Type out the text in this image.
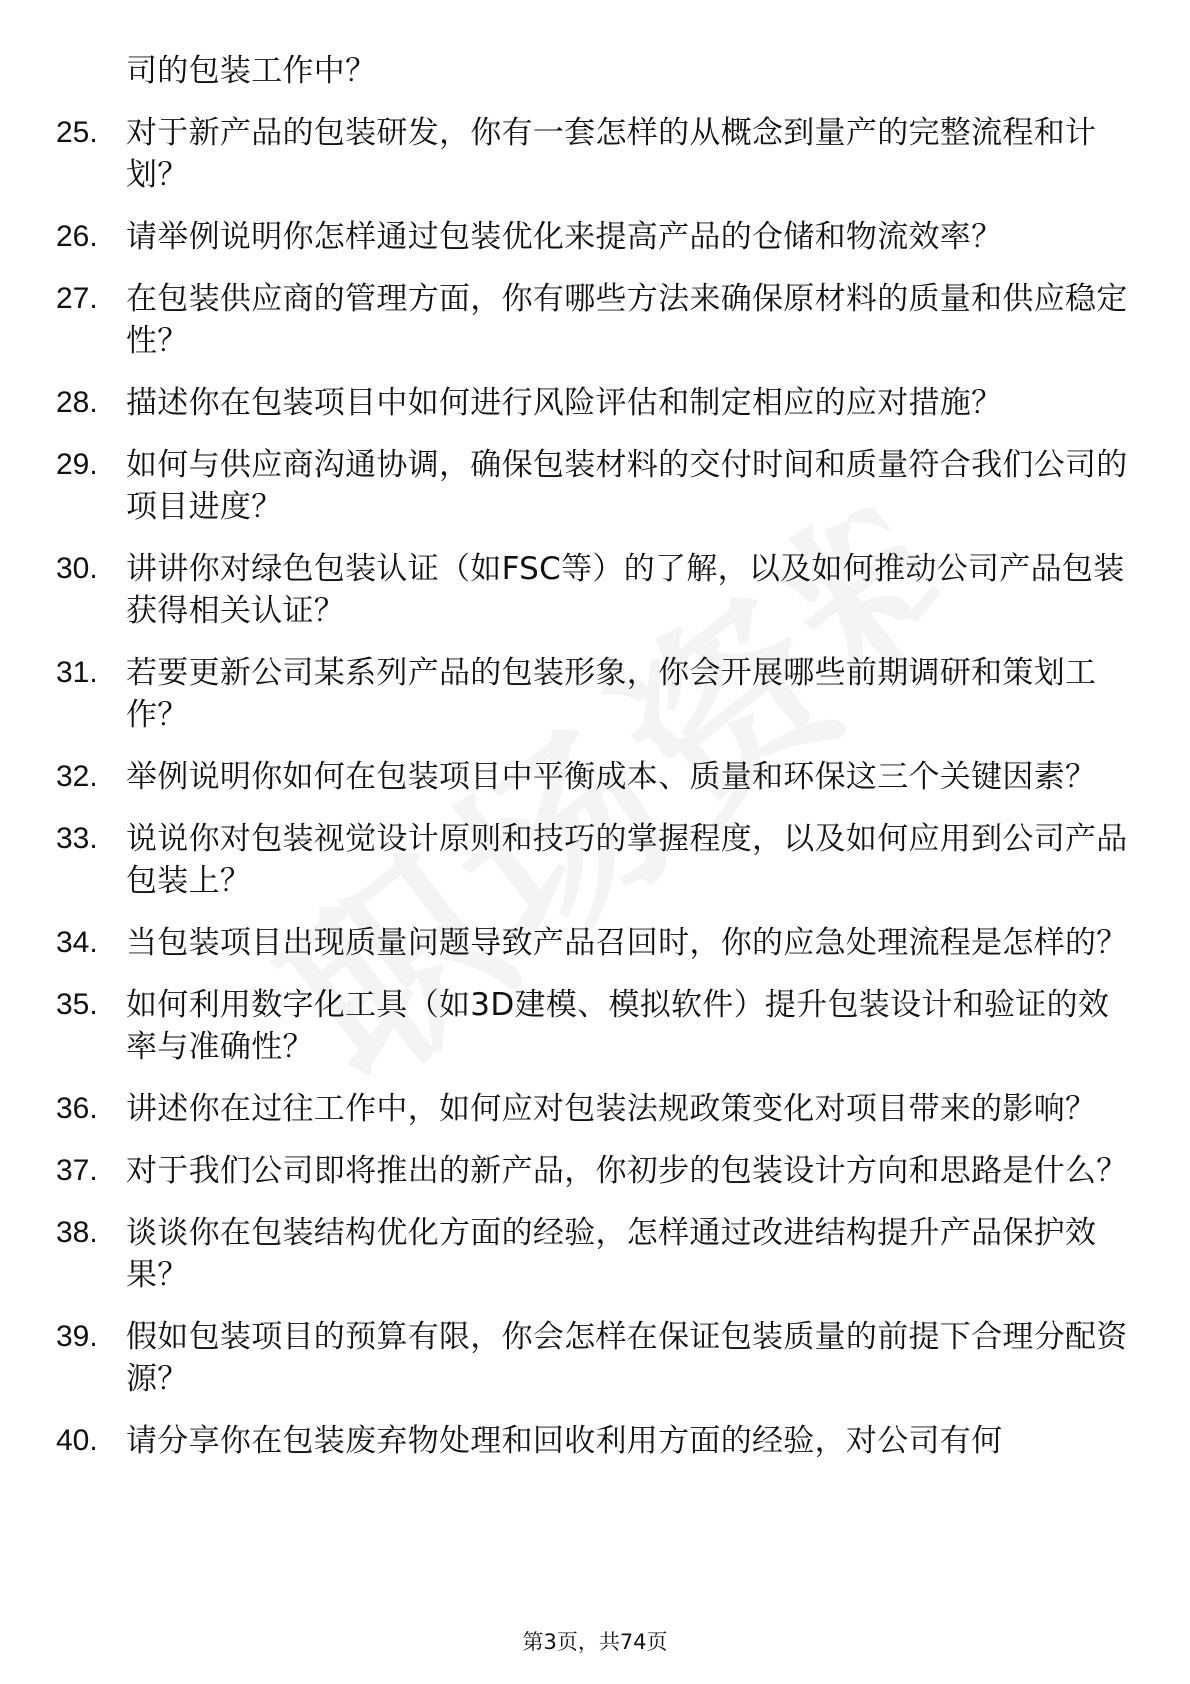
司的包装工作中？
25. 对于新产品的包装研发，你有一套怎样的从概念到量产的完整流程和计划？
26. 请举例说明你怎样通过包装优化来提高产品的仓储和物流效率？
27. 在包装供应商的管理方面，你有哪些方法来确保原材料的质量和供应稳定性？
28. 描述你在包装项目中如何进行风险评估和制定相应的应对措施？
29. 如何与供应商沟通协调，确保包装材料的交付时间和质量符合我们公司的项目进度？
30. 讲讲你对绿色包装认证（如FSC等）的了解，以及如何推动公司产品包装获得相关认证？
31. 若要更新公司某系列产品的包装形象，你会开展哪些前期调研和策划工作？
32. 举例说明你如何在包装项目中平衡成本、质量和环保这三个关键因素？
33. 说说你对包装视觉设计原则和技巧的掌握程度，以及如何应用到公司产品包装上？
34. 当包装项目出现质量问题导致产品召回时，你的应急处理流程是怎样的？
35. 如何利用数字化工具（如3D建模、模拟软件）提升包装设计和验证的效率与准确性？
36. 讲述你在过往工作中，如何应对包装法规政策变化对项目带来的影响？
37. 对于我们公司即将推出的新产品，你初步的包装设计方向和思路是什么？
38. 谈谈你在包装结构优化方面的经验，怎样通过改进结构提升产品保护效果？
39. 假如包装项目的预算有限，你会怎样在保证包装质量的前提下合理分配资源？
40. 请分享你在包装废弃物处理和回收利用方面的经验，对公司有何
第3页，共74页
